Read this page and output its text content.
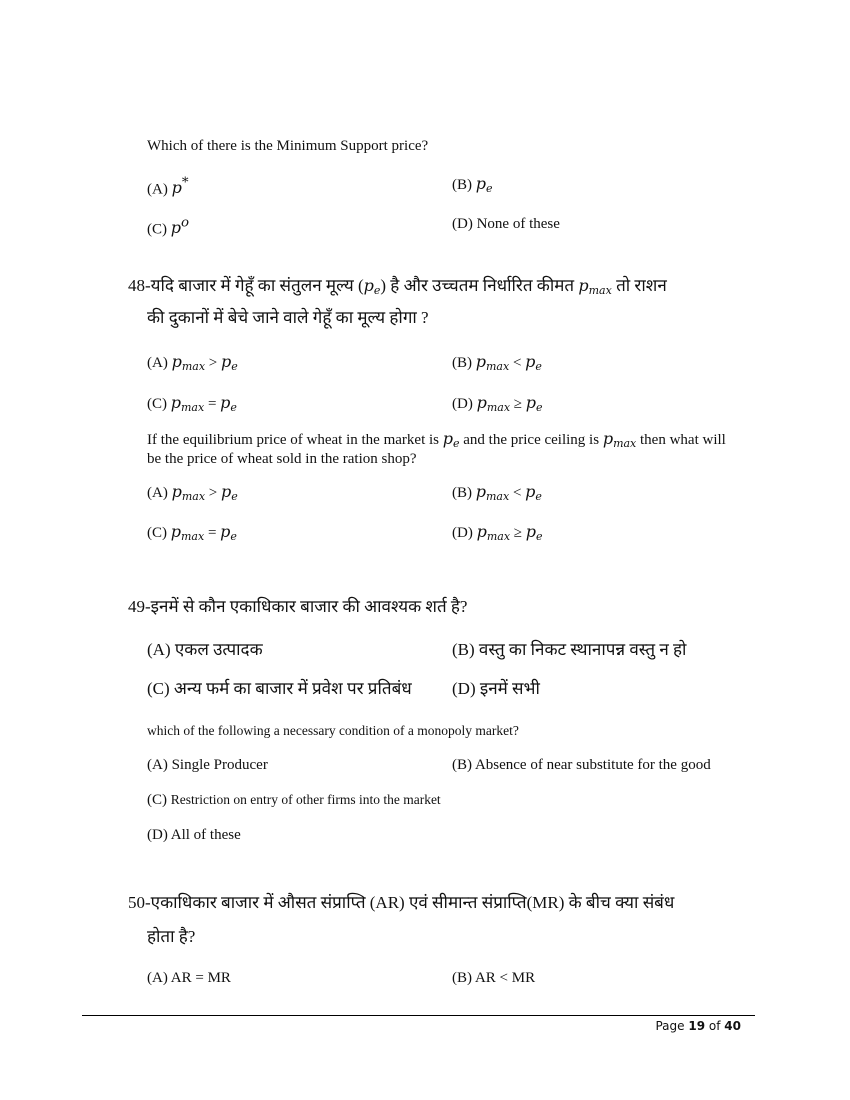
Which of there is the Minimum Support price?
(A) p*	(B) $p_e$
(C) $p^o$	(D) None of these
48-यदि बाजार में गेहूँ का संतुलन मूल्य $(p_e)$ है और उच्चतम निर्धारित कीमत $p_{max}$ तो राशन
की दुकानों में बेचे जाने वाले गेहूँ का मूल्य होगा ?
(A) $p_{max} > p_e$	(B) $p_{max} < p_e$
(C) $p_{max} = p_e$	(D) $p_{max} \ge p_e$
If the equilibrium price of wheat in the market is $p_e$ and the price ceiling is $p_{max}$ then what will
be the price of wheat sold in the ration shop?
(A) $p_{max} > p_e$	(B) $p_{max} < p_e$
(C) $p_{max} = p_e$	(D) $p_{max} \ge p_e$
49-इनमें से कौन एकाधिकार बाजार की आवश्यक शर्त है?
(A) एकल उत्पादक	(B) वस्तु का निकट स्थानापन्न वस्तु न हो
(C) अन्य फर्म का बाजार में प्रवेश पर प्रतिबंध (D) इनमें सभी
which of the following a necessary condition of a monopoly market?
(A) Single Producer	(B) Absence of near substitute for the good
(C) Restriction on entry of other firms into the market
(D) All of these
50-एकाधिकार बाजार में औसत संप्राप्ति (AR) एवं सीमान्त संप्राप्ति(MR) के बीच क्या संबंध
होता है?
(A) AR = MR	(B) AR < MR
Page 19 of 40
